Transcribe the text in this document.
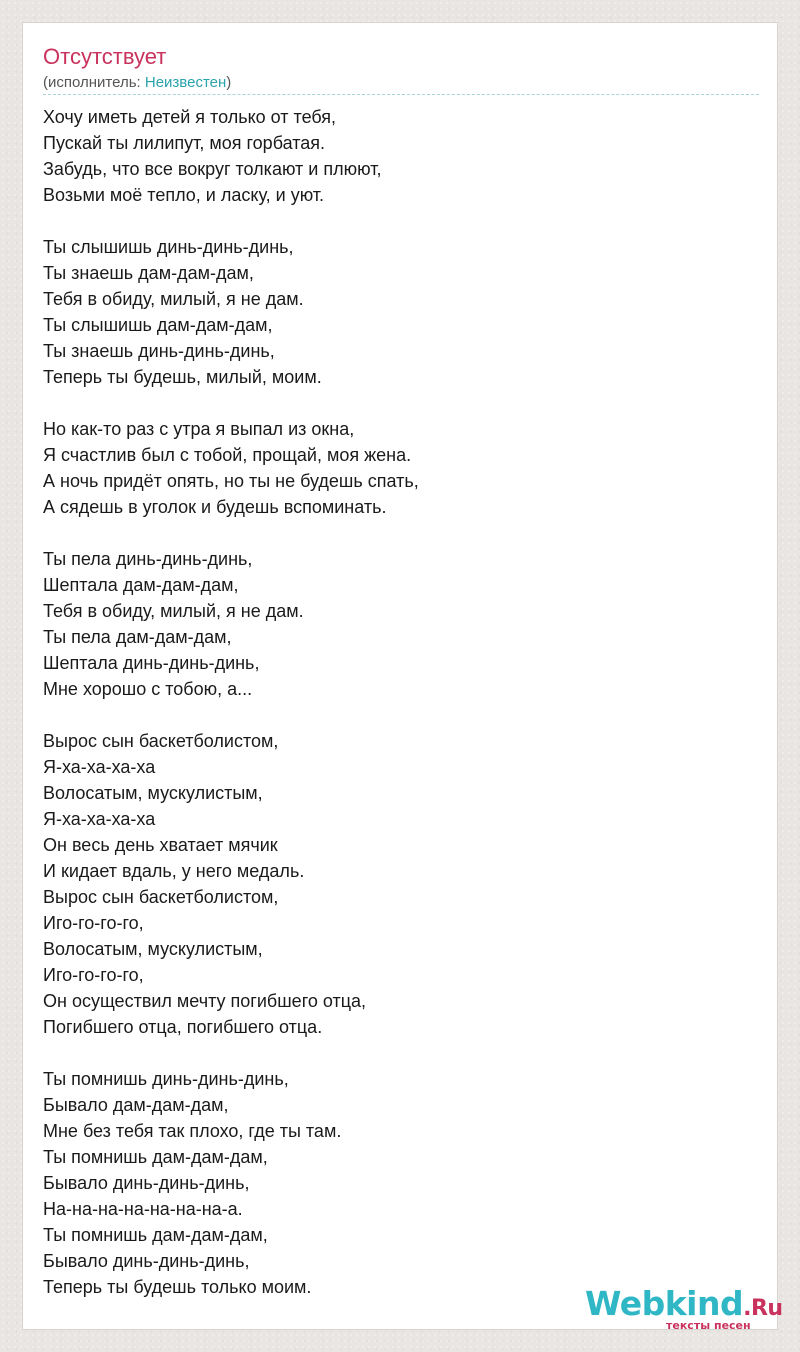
Отсутствует
(исполнитель: Неизвестен)
Хочу иметь детей я только от тебя,
Пускай ты лилипут, моя горбатая.
Забудь, что все вокруг толкают и плюют,
Возьми моё тепло, и ласку, и уют.
Ты слышишь динь-динь-динь,
Ты знаешь дам-дам-дам,
Тебя в обиду, милый, я не дам.
Ты слышишь дам-дам-дам,
Ты знаешь динь-динь-динь,
Теперь ты будешь, милый, моим.
Но как-то раз с утра я выпал из окна,
Я счастлив был с тобой, прощай, моя жена.
А ночь придёт опять, но ты не будешь спать,
А сядешь в уголок и будешь вспоминать.
Ты пела динь-динь-динь,
Шептала дам-дам-дам,
Тебя в обиду, милый, я не дам.
Ты пела дам-дам-дам,
Шептала динь-динь-динь,
Мне хорошо с тобою, а...
Вырос сын баскетболистом,
Я-ха-ха-ха-ха
Волосатым, мускулистым,
Я-ха-ха-ха-ха
Он весь день хватает мячик
И кидает вдаль, у него медаль.
Вырос сын баскетболистом,
Иго-го-го-го,
Волосатым, мускулистым,
Иго-го-го-го,
Он осуществил мечту погибшего отца,
Погибшего отца, погибшего отца.
Ты помнишь динь-динь-динь,
Бывало дам-дам-дам,
Мне без тебя так плохо, где ты там.
Ты помнишь дам-дам-дам,
Бывало динь-динь-динь,
На-на-на-на-на-на-на-а.
Ты помнишь дам-дам-дам,
Бывало динь-динь-динь,
Теперь ты будешь только моим.	Webkind.Ru
тексты песен
